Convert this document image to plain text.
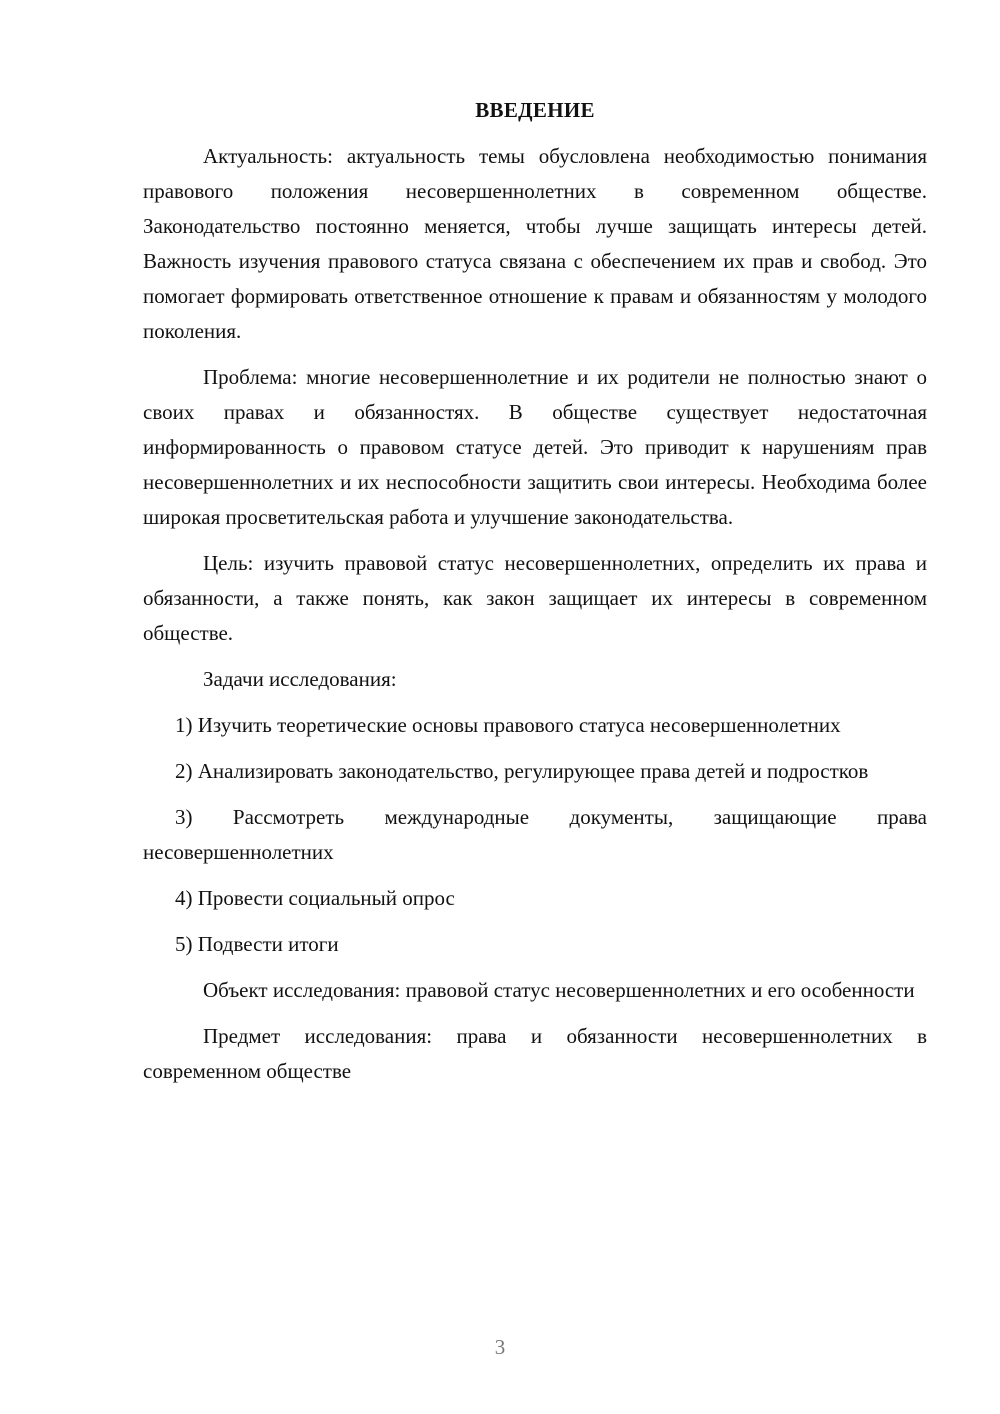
ВВЕДЕНИЕ

Актуальность: актуальность темы обусловлена необходимостью понимания правового положения несовершеннолетних в современном обществе. Законодательство постоянно меняется, чтобы лучше защищать интересы детей. Важность изучения правового статуса связана с обеспечением их прав и свобод. Это помогает формировать ответственное отношение к правам и обязанностям у молодого поколения.

Проблема: многие несовершеннолетние и их родители не полностью знают о своих правах и обязанностях. В обществе существует недостаточная информированность о правовом статусе детей. Это приводит к нарушениям прав несовершеннолетних и их неспособности защитить свои интересы. Необходима более широкая просветительская работа и улучшение законодательства.

Цель: изучить правовой статус несовершеннолетних, определить их права и обязанности, а также понять, как закон защищает их интересы в современном обществе.

Задачи исследования:

1) Изучить теоретические основы правового статуса несовершеннолетних

2) Анализировать законодательство, регулирующее права детей и подростков

3) Рассмотреть международные документы, защищающие права несовершеннолетних

4) Провести социальный опрос

5) Подвести итоги

Объект исследования: правовой статус несовершеннолетних и его особенности

Предмет исследования: права и обязанности несовершеннолетних в современном обществе

3
